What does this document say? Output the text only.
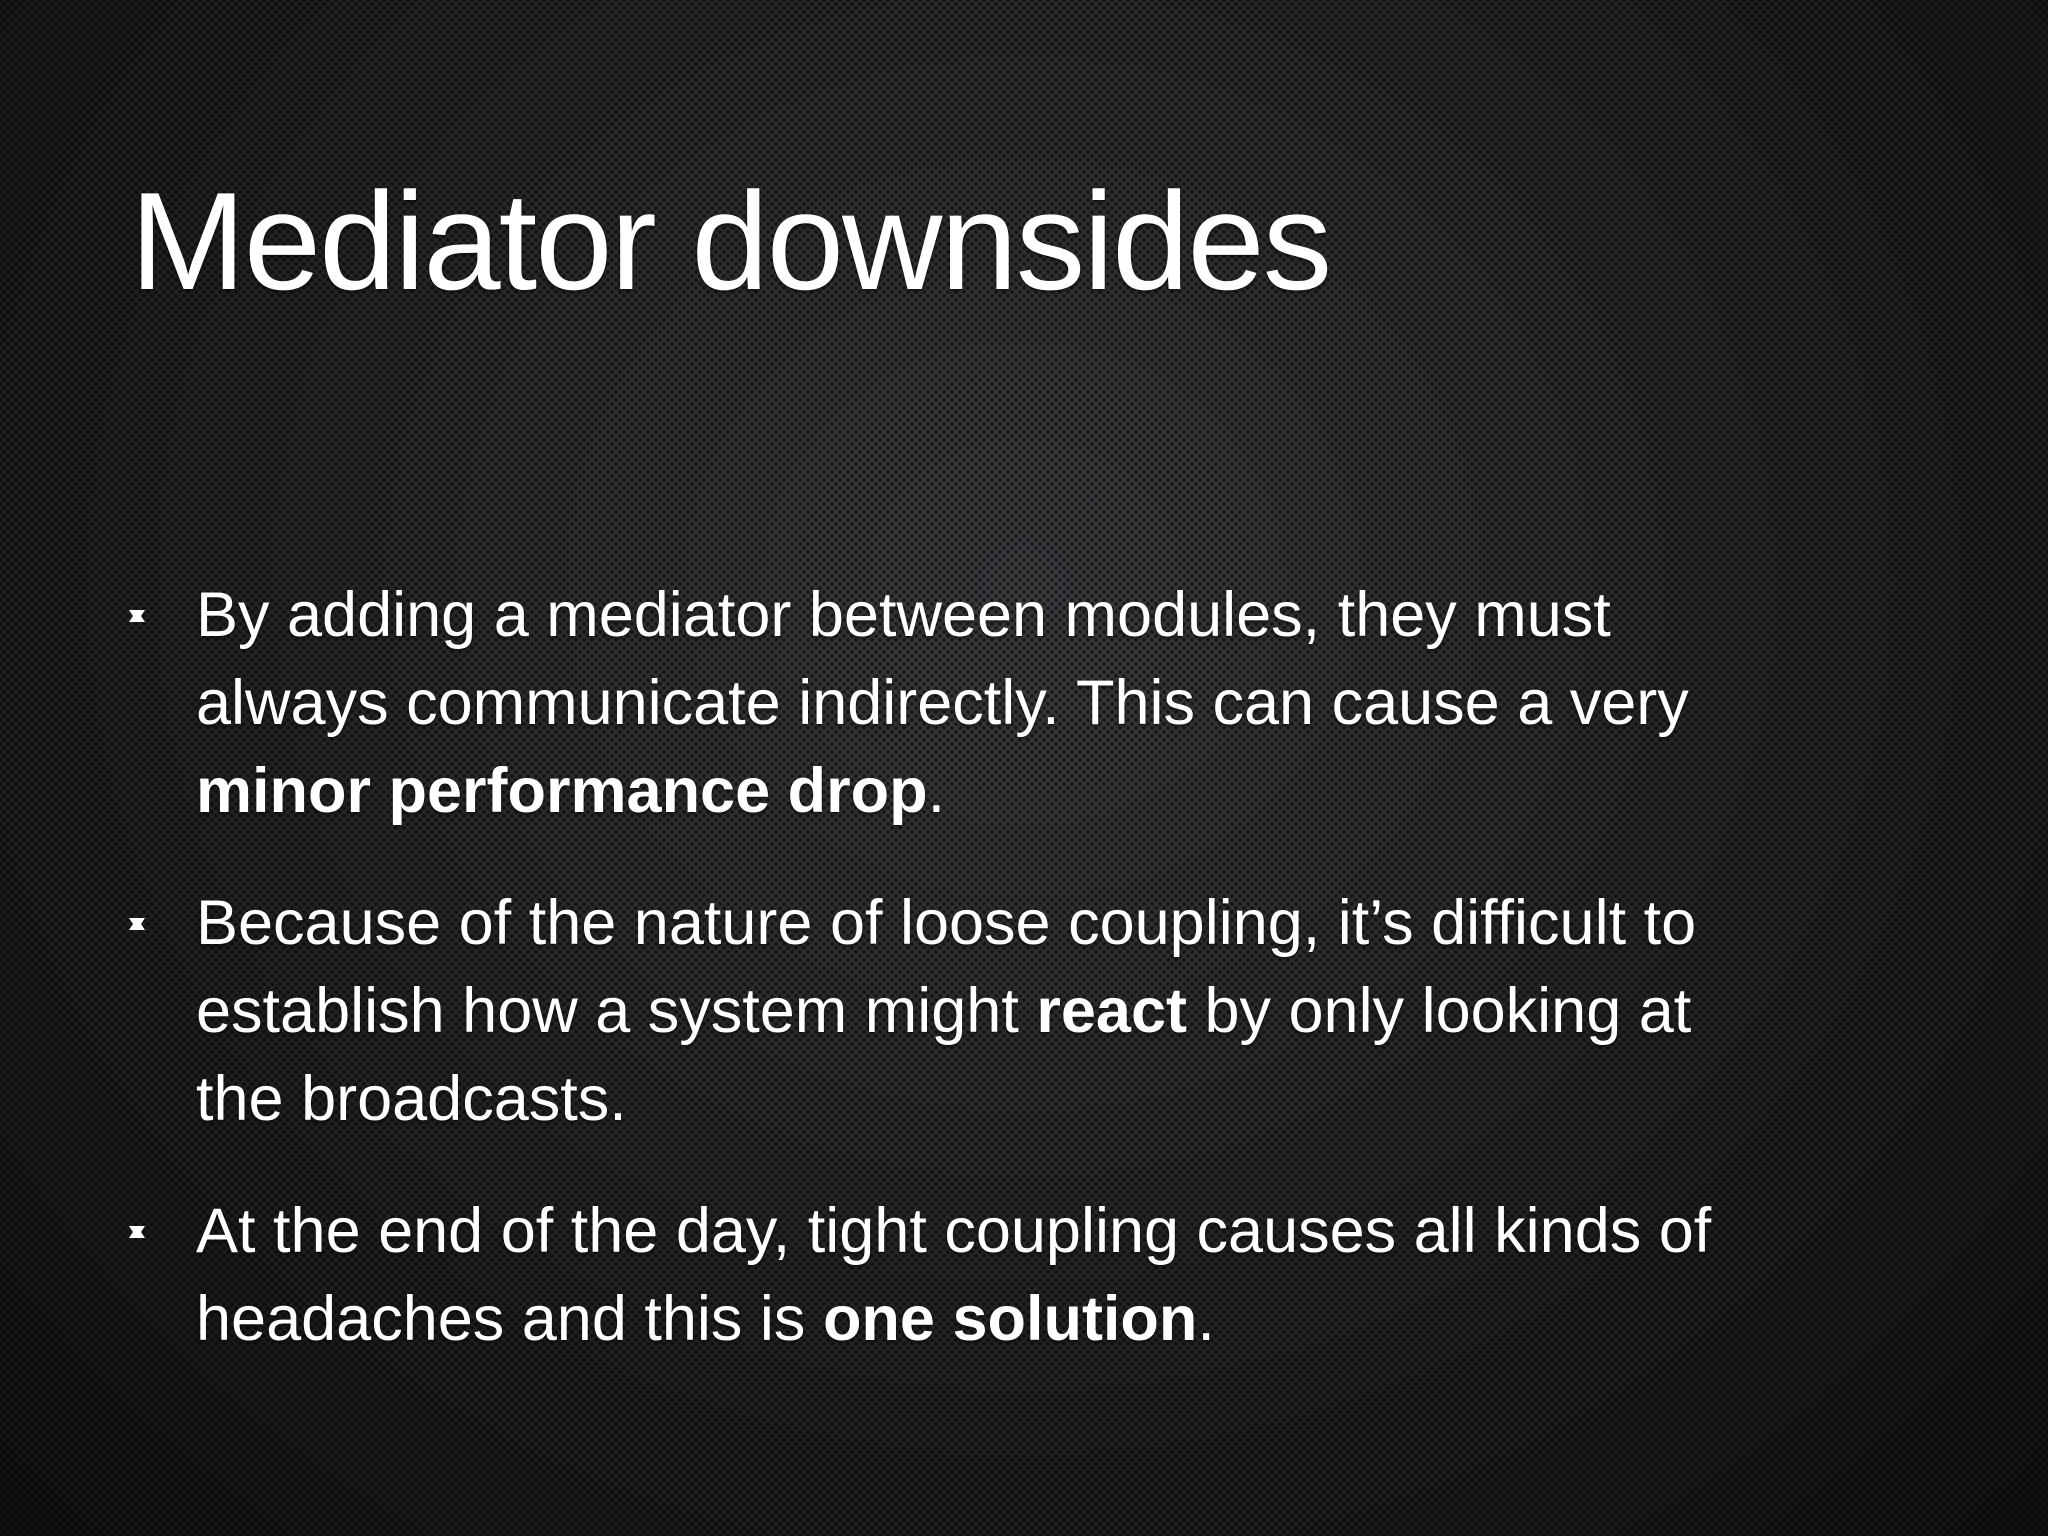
Mediator downsides
By adding a mediator between modules, they must
always communicate indirectly. This can cause a very
minor performance drop.
Because of the nature of loose coupling, it’s difficult to
establish how a system might react by only looking at
the broadcasts.
At the end of the day, tight coupling causes all kinds of
headaches and this is one solution.
